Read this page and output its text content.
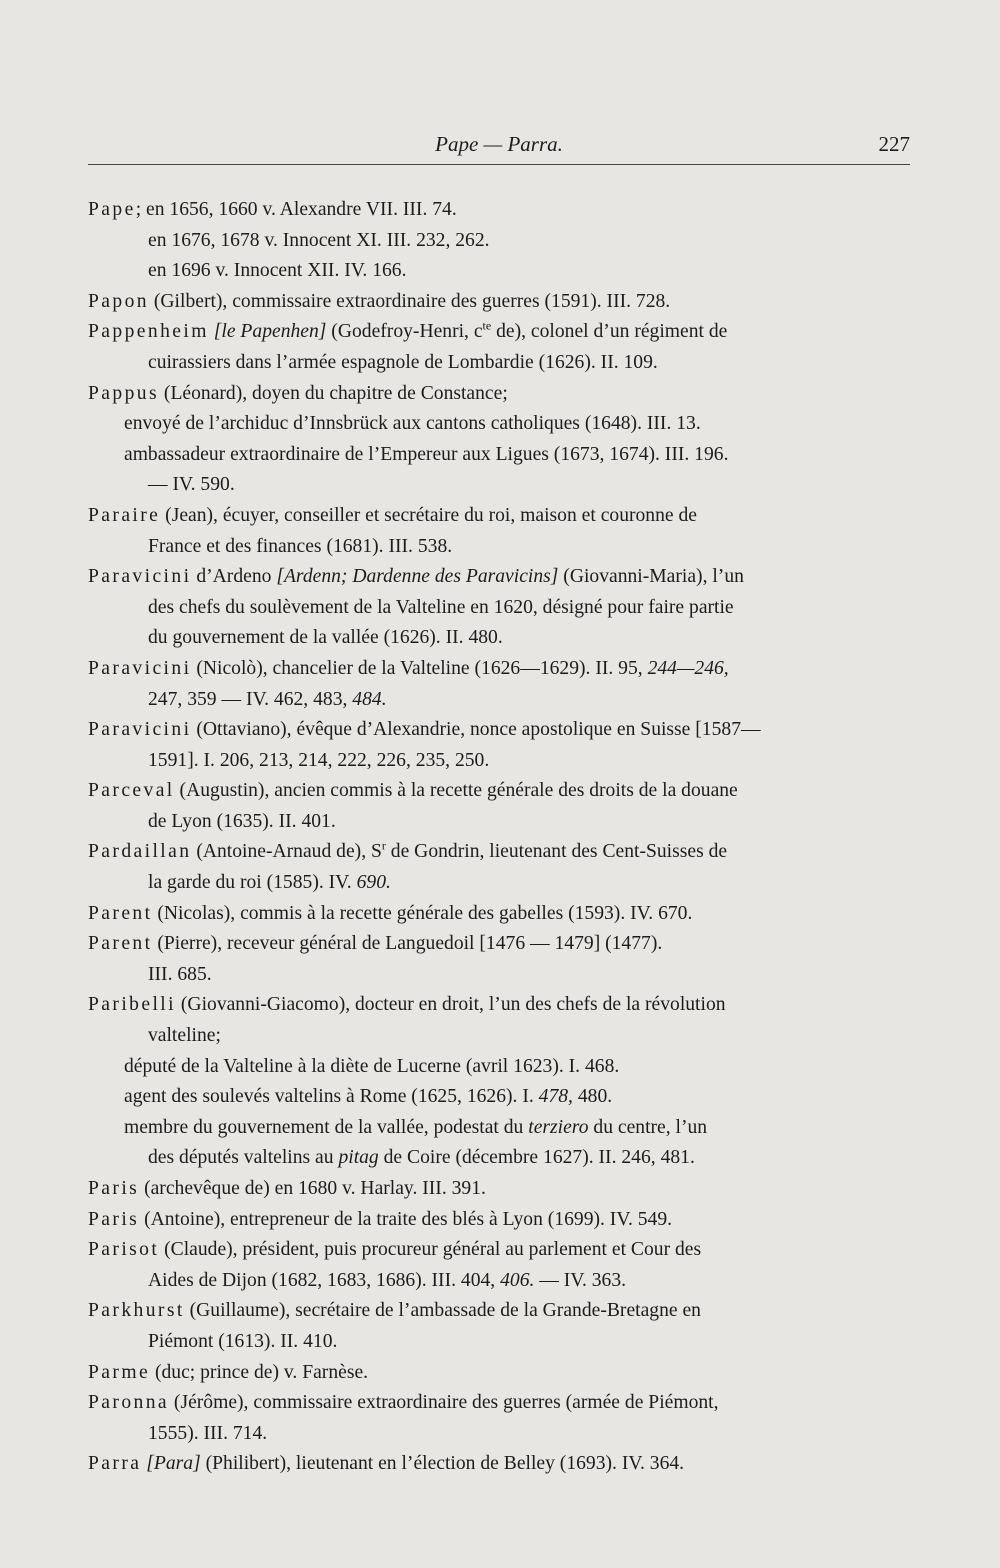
Pape — Parra.	227
Pape; en 1656, 1660 v. Alexandre VII. III. 74.
en 1676, 1678 v. Innocent XI. III. 232, 262.
en 1696 v. Innocent XII. IV. 166.
Papon (Gilbert), commissaire extraordinaire des guerres (1591). III. 728.
Pappenheim [le Papenhen] (Godefroy-Henri, $c^{te}$ de), colonel d’un régiment de
cuirassiers dans l’armée espagnole de Lombardie (1626). II. 109.
Pappus (Léonard), doyen du chapitre de Constance;
envoyé de l’archiduc d’Innsbrück aux cantons catholiques (1648). III. 13.
ambassadeur extraordinaire de l’Empereur aux Ligues (1673, 1674). III. 196.
— IV. 590.
Paraire (Jean), écuyer, conseiller et secrétaire du roi, maison et couronne de
France et des finances (1681). III. 538.
Paravicini d’Ardeno [Ardenn; Dardenne des Paravicins] (Giovanni-Maria), l’un
des chefs du soulèvement de la Valteline en 1620, désigné pour faire partie
du gouvernement de la vallée (1626). II. 480.
Paravicini (Nicolò), chancelier de la Valteline (1626—1629). II. 95, 244—246,
247, 359 — IV. 462, 483, 484.
Paravicini (Ottaviano), évêque d’Alexandrie, nonce apostolique en Suisse [1587—
1591]. I. 206, 213, 214, 222, 226, 235, 250.
Parceval (Augustin), ancien commis à la recette générale des droits de la douane
de Lyon (1635). II. 401.
Pardaillan (Antoine-Arnaud de), $S^r$ de Gondrin, lieutenant des Cent-Suisses de
la garde du roi (1585). IV. 690.
Parent (Nicolas), commis à la recette générale des gabelles (1593). IV. 670.
Parent (Pierre), receveur général de Languedoil [1476 — 1479] (1477).
III. 685.
Paribelli (Giovanni-Giacomo), docteur en droit, l’un des chefs de la révolution
valteline;
député de la Valteline à la diète de Lucerne (avril 1623). I. 468.
agent des soulevés valtelins à Rome (1625, 1626). I. 478, 480.
membre du gouvernement de la vallée, podestat du terziero du centre, l’un
des députés valtelins au pitag de Coire (décembre 1627). II. 246, 481.
Paris (archevêque de) en 1680 v. Harlay. III. 391.
Paris (Antoine), entrepreneur de la traite des blés à Lyon (1699). IV. 549.
Parisot (Claude), président, puis procureur général au parlement et Cour des
Aides de Dijon (1682, 1683, 1686). III. 404, 406. — IV. 363.
Parkhurst (Guillaume), secrétaire de l’ambassade de la Grande-Bretagne en
Piémont (1613). II. 410.
Parme (duc; prince de) v. Farnèse.
Paronna (Jérôme), commissaire extraordinaire des guerres (armée de Piémont,
1555). III. 714.
Parra [Para] (Philibert), lieutenant en l’élection de Belley (1693). IV. 364.
